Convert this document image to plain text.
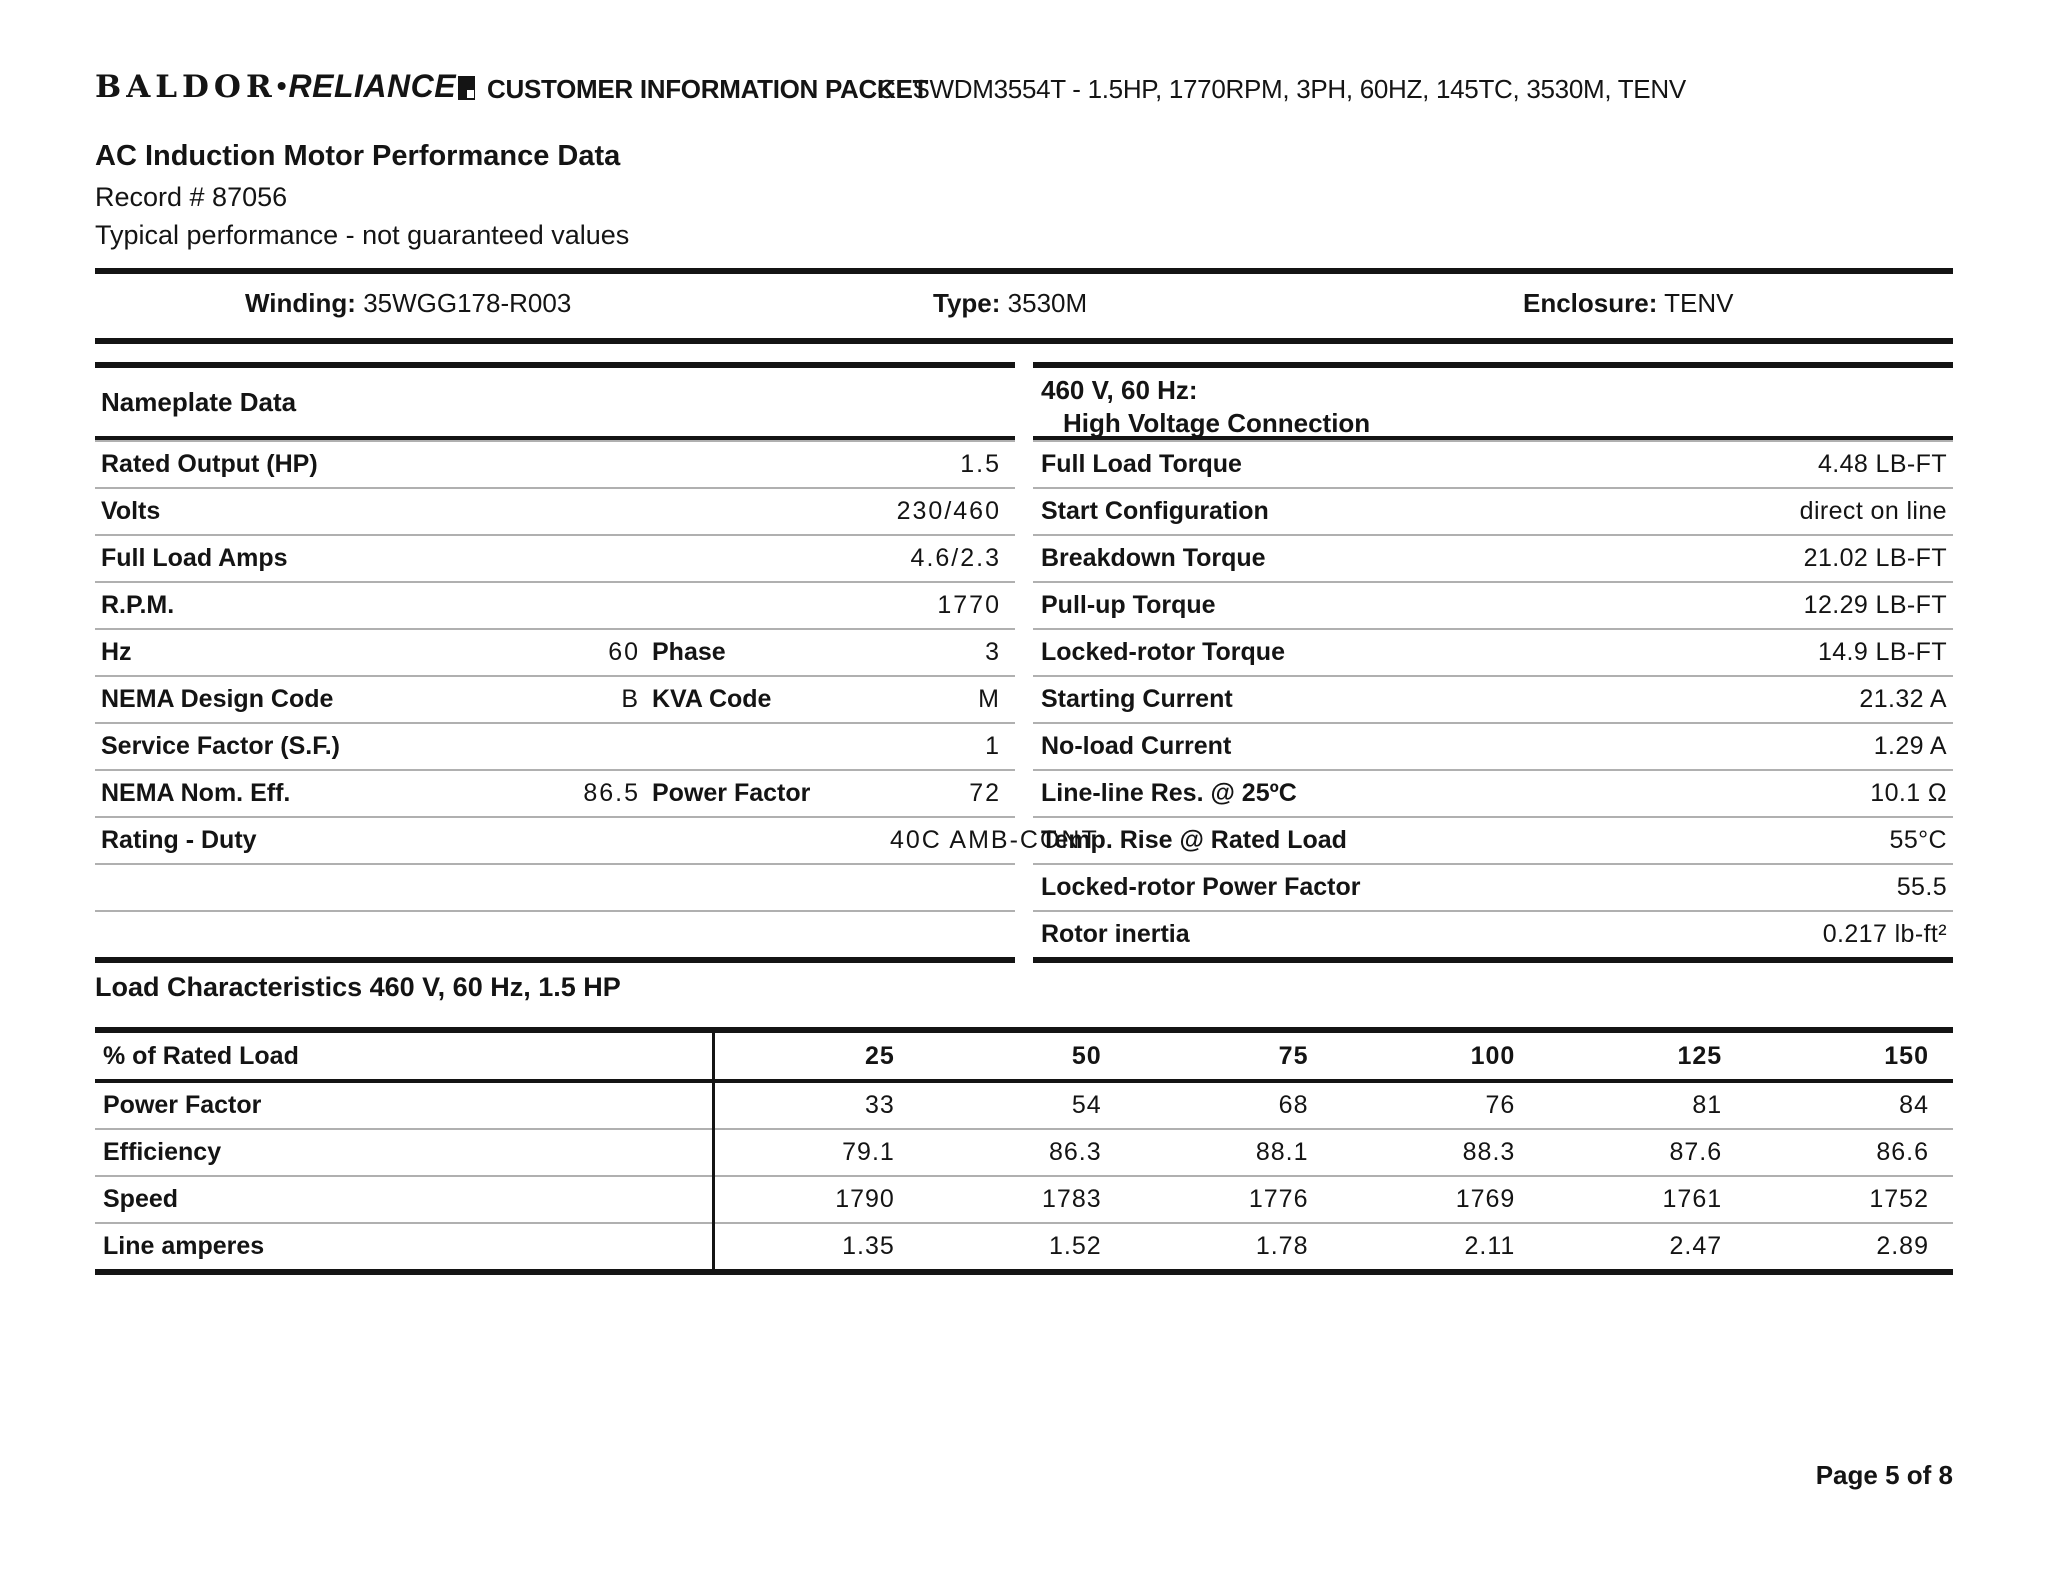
BALDOR•RELIANCE	CUSTOMER INFORMATION PACKET
CESWDM3554T - 1.5HP, 1770RPM, 3PH, 60HZ, 145TC, 3530M, TENV
AC Induction Motor Performance Data
Record # 87056
Typical performance - not guaranteed values
Winding: 35WGG178-R003	Type: 3530M	Enclosure: TENV
Nameplate Data
Rated Output (HP)	1.5
Volts	230/460
Full Load Amps	4.6/2.3
R.P.M.	1770
Hz	60 Phase	3
NEMA Design Code	B KVA Code	M
Service Factor (S.F.)	1
NEMA Nom. Eff.	86.5 Power Factor	72
Rating - Duty	40C AMB-CONT
460 V, 60 Hz:
High Voltage Connection
Full Load Torque	4.48 LB-FT
Start Configuration	direct on line
Breakdown Torque	21.02 LB-FT
Pull-up Torque	12.29 LB-FT
Locked-rotor Torque	14.9 LB-FT
Starting Current	21.32 A
No-load Current	1.29 A
Line-line Res. @ 25ºC	10.1 Ω
Temp. Rise @ Rated Load	55°C
Locked-rotor Power Factor	55.5
Rotor inertia	0.217 lb-ft²
Load Characteristics 460 V, 60 Hz, 1.5 HP
% of Rated Load	25	50	75	100	125	150
Power Factor	33	54	68	76	81	84
Efficiency	79.1	86.3	88.1	88.3	87.6	86.6
Speed	1790	1783	1776	1769	1761	1752
Line amperes	1.35	1.52	1.78	2.11	2.47	2.89
Page 5 of 8
